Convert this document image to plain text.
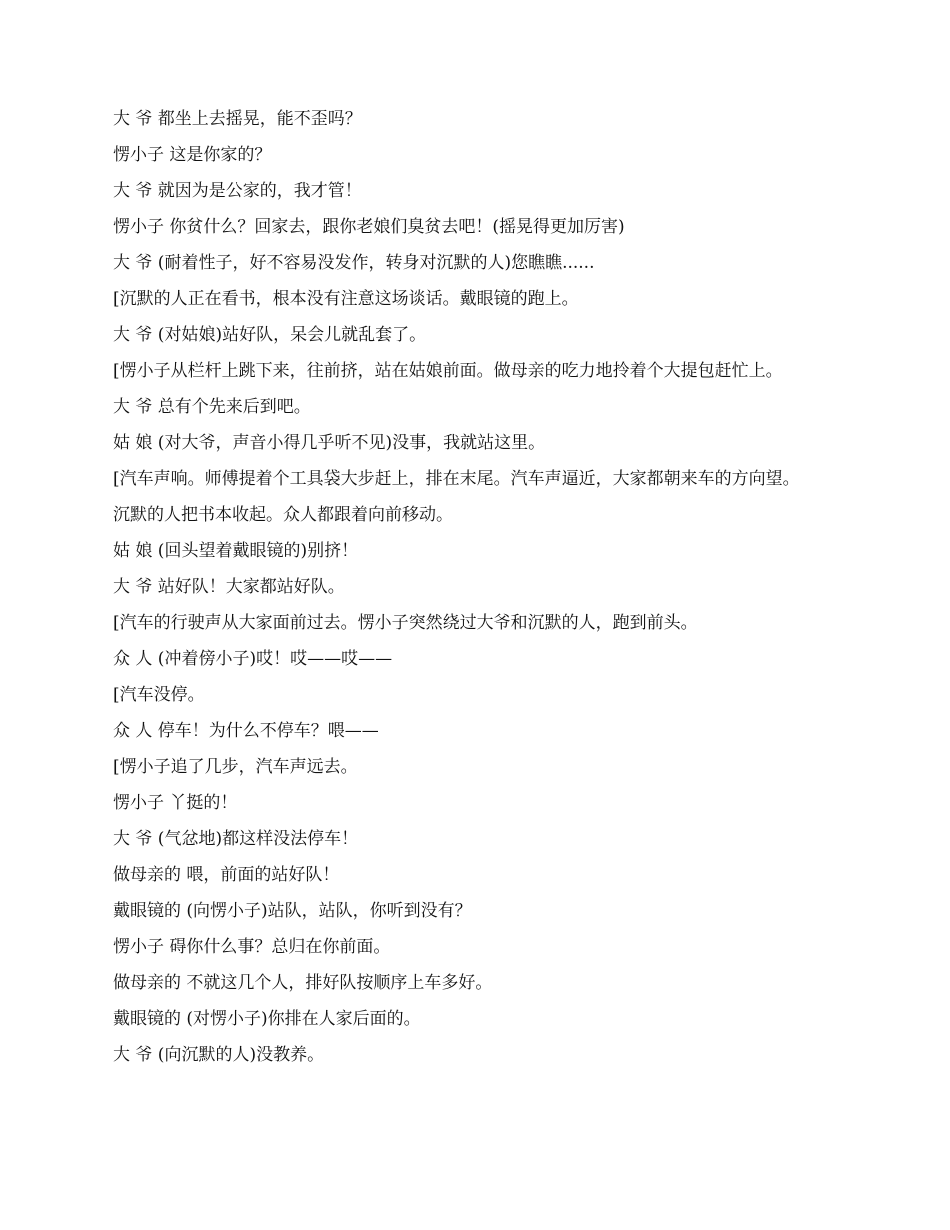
大 爷 都坐上去摇晃，能不歪吗？

愣小子 这是你家的？

大 爷 就因为是公家的，我才管！

愣小子 你贫什么？回家去，跟你老娘们臭贫去吧！(摇晃得更加厉害)

大 爷 (耐着性子，好不容易没发作，转身对沉默的人)您瞧瞧......

[沉默的人正在看书，根本没有注意这场谈话。戴眼镜的跑上。

大 爷 (对姑娘)站好队，呆会儿就乱套了。

[愣小子从栏杆上跳下来，往前挤，站在姑娘前面。做母亲的吃力地拎着个大提包赶忙上。

大 爷 总有个先来后到吧。

姑 娘 (对大爷，声音小得几乎听不见)没事，我就站这里。

[汽车声响。师傅提着个工具袋大步赶上，排在末尾。汽车声逼近，大家都朝来车的方向望。

沉默的人把书本收起。众人都跟着向前移动。

姑 娘 (回头望着戴眼镜的)别挤！

大 爷 站好队！大家都站好队。

[汽车的行驶声从大家面前过去。愣小子突然绕过大爷和沉默的人，跑到前头。

众 人 (冲着傍小子)哎！哎——哎——

[汽车没停。

众 人 停车！为什么不停车？喂——

[愣小子追了几步，汽车声远去。

愣小子 丫挺的！

大 爷 (气忿地)都这样没法停车！

做母亲的 喂，前面的站好队！

戴眼镜的 (向愣小子)站队，站队，你听到没有？

愣小子 碍你什么事？总归在你前面。

做母亲的 不就这几个人，排好队按顺序上车多好。

戴眼镜的 (对愣小子)你排在人家后面的。

大 爷 (向沉默的人)没教养。
